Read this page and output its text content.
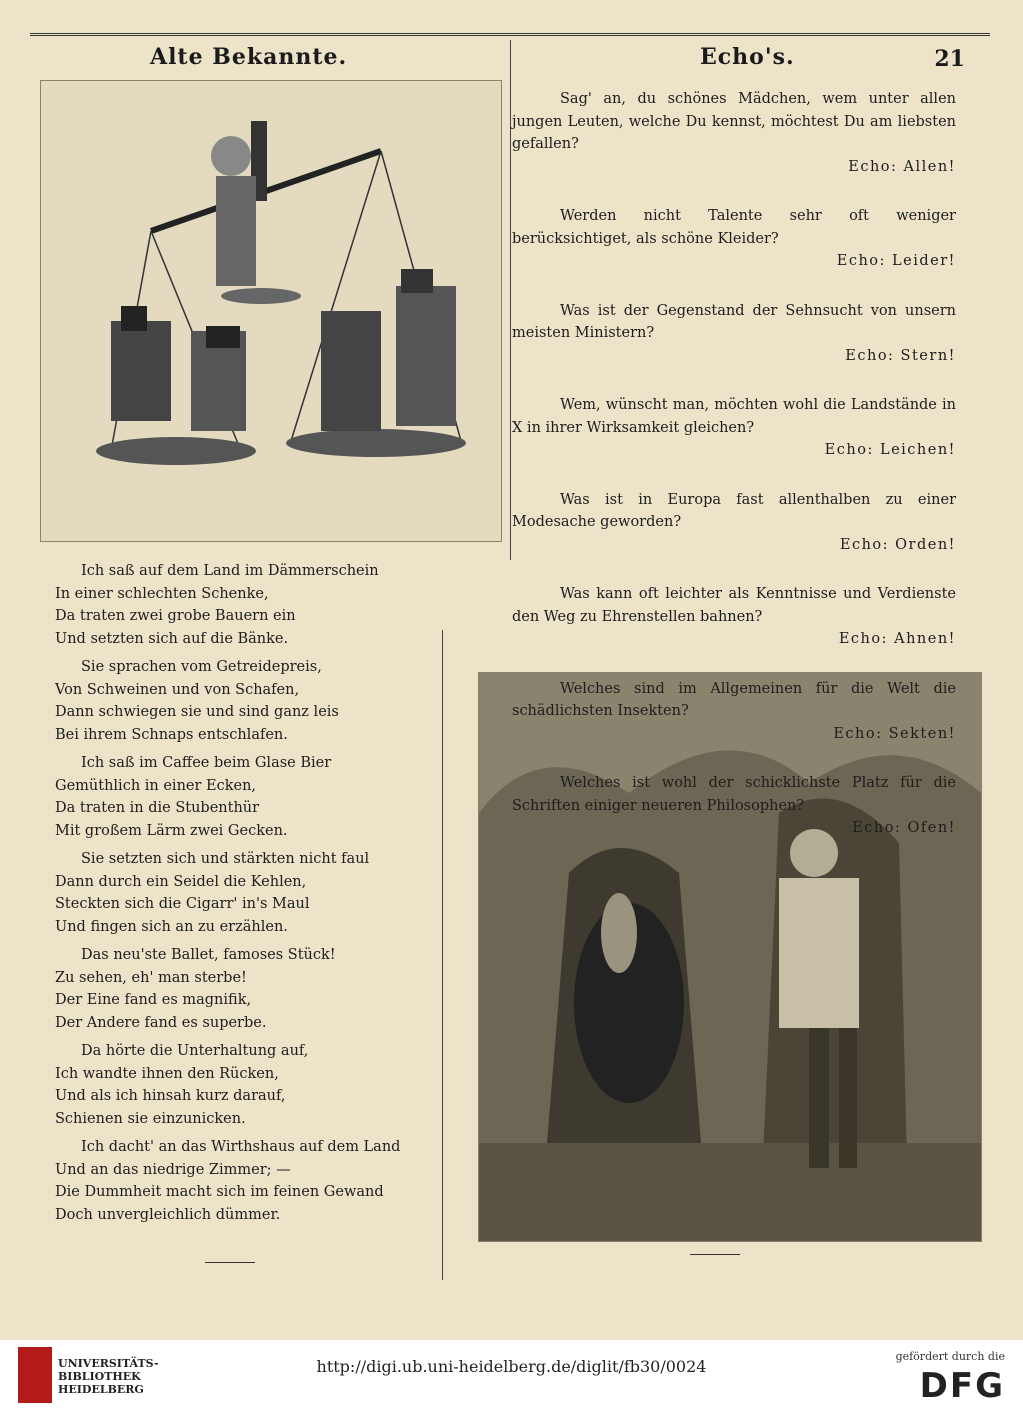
Alte Bekannte.	Echo's.	21
Ich saß auf dem Land im Dämmerschein
In einer schlechten Schenke,
Da traten zwei grobe Bauern ein
Und setzten sich auf die Bänke.
Sie sprachen vom Getreidepreis,
Von Schweinen und von Schafen,
Dann schwiegen sie und sind ganz leis
Bei ihrem Schnaps entschlafen.
Ich saß im Caffee beim Glase Bier
Gemüthlich in einer Ecken,
Da traten in die Stubenthür
Mit großem Lärm zwei Gecken.
Sie setzten sich und stärkten nicht faul
Dann durch ein Seidel die Kehlen,
Steckten sich die Cigarr' in's Maul
Und fingen sich an zu erzählen.
Das neu'ste Ballet, famoses Stück!
Zu sehen, eh' man sterbe!
Der Eine fand es magnifik,
Der Andere fand es superbe.
Da hörte die Unterhaltung auf,
Ich wandte ihnen den Rücken,
Und als ich hinsah kurz darauf,
Schienen sie einzunicken.
Ich dacht' an das Wirthshaus auf dem Land
Und an das niedrige Zimmer; —
Die Dummheit macht sich im feinen Gewand
Doch unvergleichlich dümmer.
Sag' an, du schönes Mädchen, wem unter allen jungen Leuten, welche Du kennst, möchtest Du am liebsten gefallen?
Echo: Allen!
Werden nicht Talente sehr oft weniger berücksichtiget, als schöne Kleider?
Echo: Leider!
Was ist der Gegenstand der Sehnsucht von unsern meisten Ministern?
Echo: Stern!
Wem, wünscht man, möchten wohl die Landstände in X in ihrer Wirksamkeit gleichen?
Echo: Leichen!
Was ist in Europa fast allenthalben zu einer Modesache geworden?
Echo: Orden!
Was kann oft leichter als Kenntnisse und Verdienste den Weg zu Ehrenstellen bahnen?
Echo: Ahnen!
Welches sind im Allgemeinen für die Welt die schädlichsten Insekten?
Echo: Sekten!
Welches ist wohl der schicklichste Platz für die Schriften einiger neueren Philosophen?
Echo: Ofen!
UNIVERSITÄTS-
BIBLIOTHEK
HEIDELBERG
http://digi.ub.uni-heidelberg.de/diglit/fb30/0024
gefördert durch die
DFG
